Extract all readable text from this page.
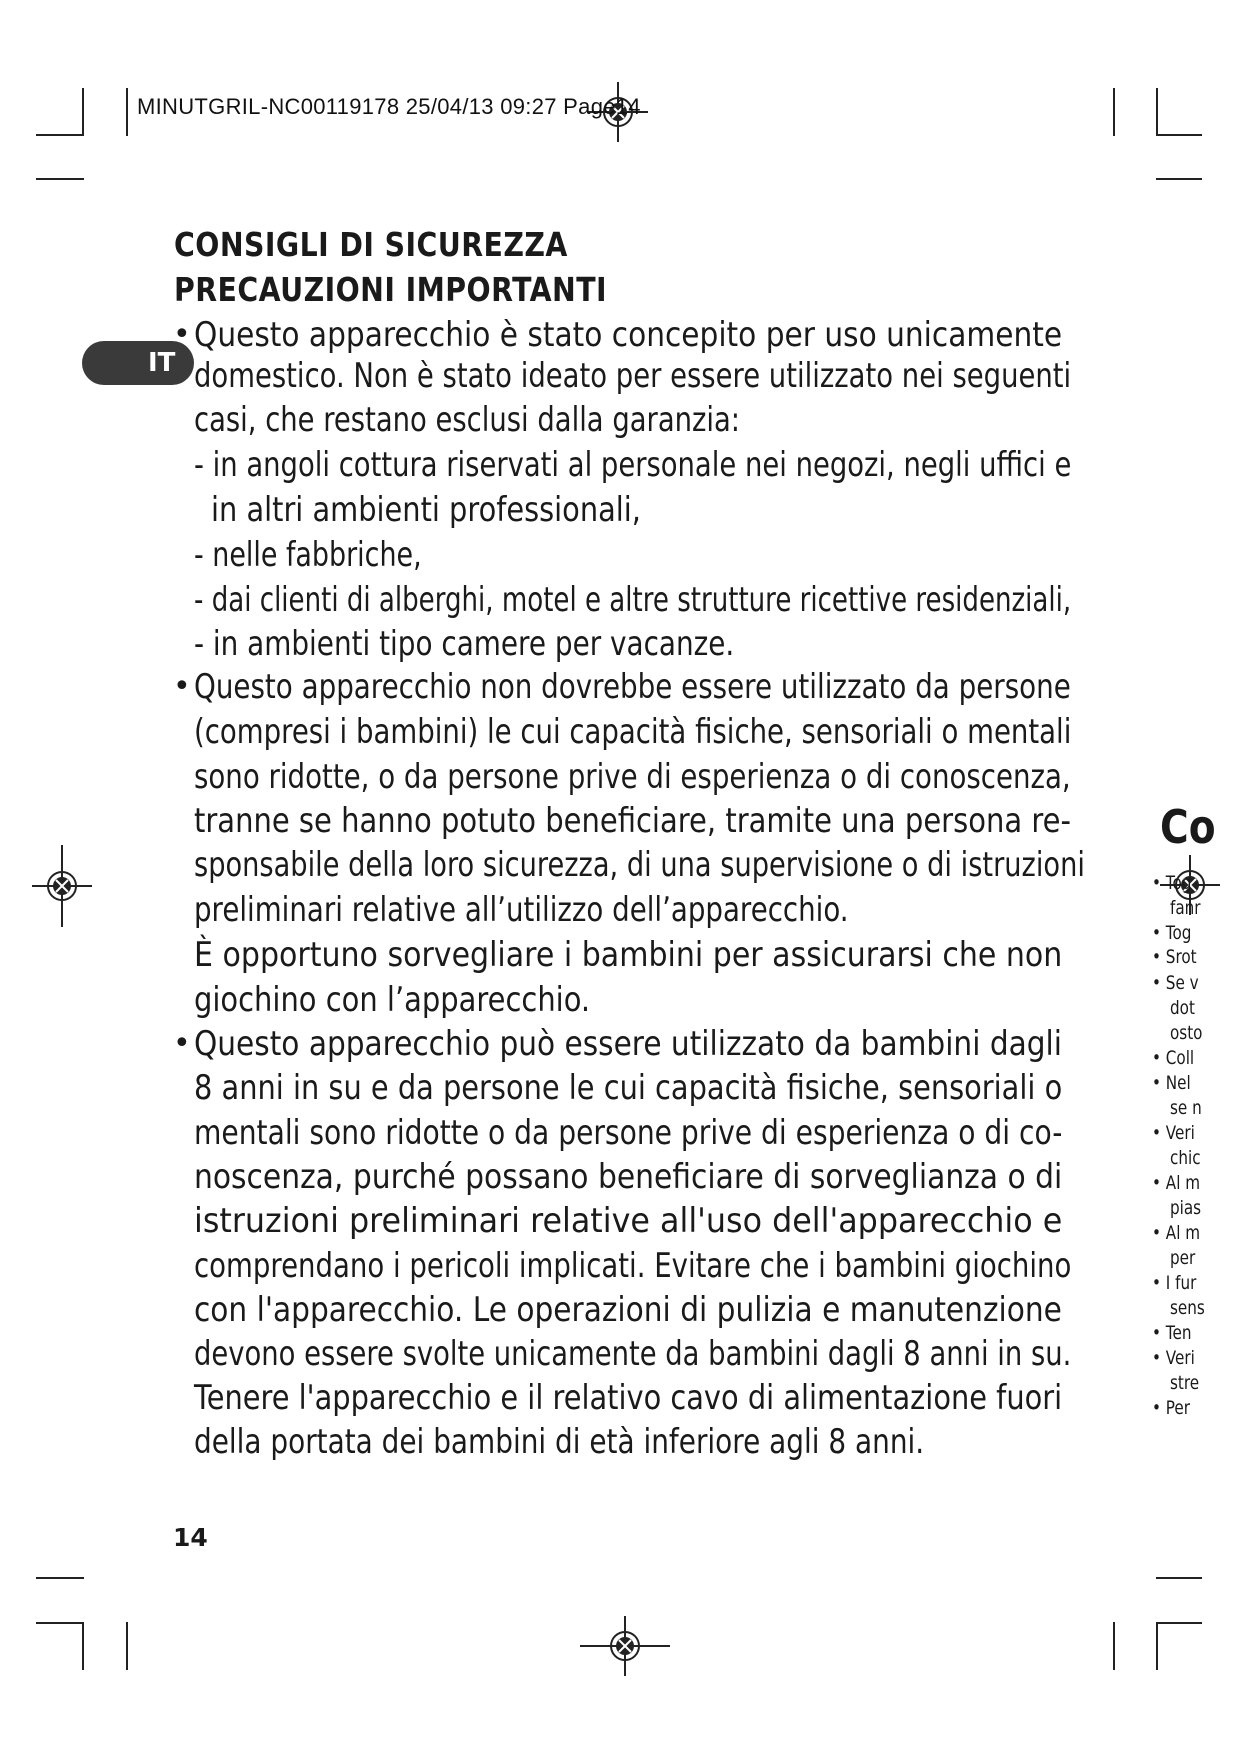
MINUTGRIL-NC00119178 25/04/13 09:27 Page14
CONSIGLI DI SICUREZZA
PRECAUZIONI IMPORTANTI
IT
Questo apparecchio è stato concepito per uso unicamente
•
domestico. Non è stato ideato per essere utilizzato nei seguenti
casi, che restano esclusi dalla garanzia:
- in angoli cottura riservati al personale nei negozi, negli uffici e
in altri ambienti professionali,
- nelle fabbriche,
- dai clienti di alberghi, motel e altre strutture ricettive residenziali,
- in ambienti tipo camere per vacanze.
Questo apparecchio non dovrebbe essere utilizzato da persone
•
(compresi i bambini) le cui capacità fisiche, sensoriali o mentali
sono ridotte, o da persone prive di esperienza o di conoscenza,
tranne se hanno potuto beneficiare, tramite una persona re-
sponsabile della loro sicurezza, di una supervisione o di istruzioni
preliminari relative all’utilizzo dell’apparecchio.
È opportuno sorvegliare i bambini per assicurarsi che non
giochino con l’apparecchio.
Questo apparecchio può essere utilizzato da bambini dagli
•
8 anni in su e da persone le cui capacità fisiche, sensoriali o
mentali sono ridotte o da persone prive di esperienza o di co-
noscenza, purché possano beneficiare di sorveglianza o di
istruzioni preliminari relative all'uso dell'apparecchio e
comprendano i pericoli implicati. Evitare che i bambini giochino
con l'apparecchio. Le operazioni di pulizia e manutenzione
devono essere svolte unicamente da bambini dagli 8 anni in su.
Tenere l'apparecchio e il relativo cavo di alimentazione fuori
della portata dei bambini di età inferiore agli 8 anni.
14
Co
• Tog
fanr
• Tog
• Srot
• Se v
dot
osto
• Coll
• Nel
se n
• Veri
chic
• Al m
pias
• Al m
per
• I fur
sens
• Ten
• Veri
stre
• Per
